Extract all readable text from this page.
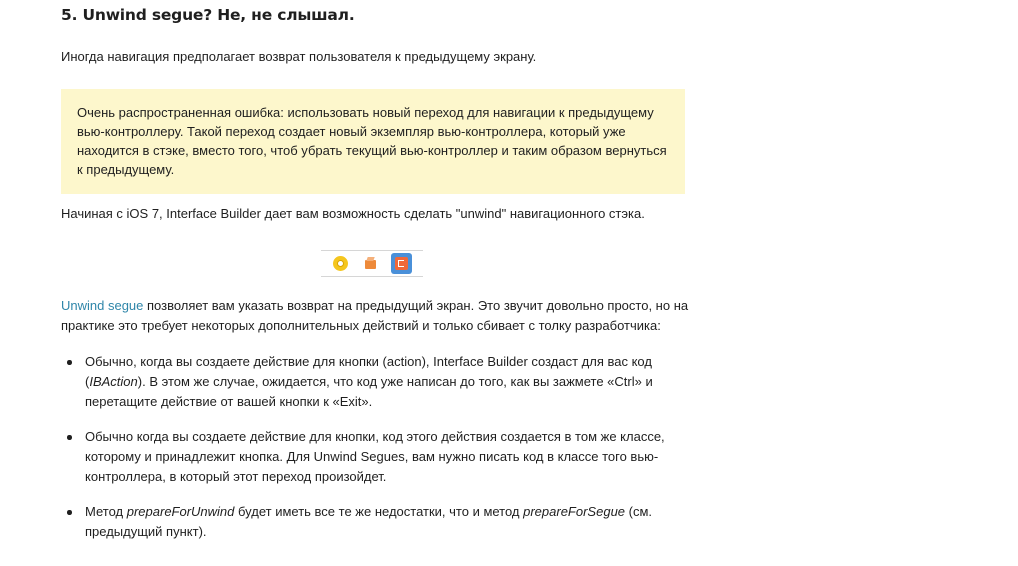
5. Unwind segue? Не, не слышал.

Иногда навигация предполагает возврат пользователя к предыдущему экрану.

Очень распространенная ошибка: использовать новый переход для навигации к предыдущему вью-контроллеру. Такой переход создает новый экземпляр вью-контроллера, который уже находится в стэке, вместо того, чтоб убрать текущий вью-контроллер и таким образом вернуться к предыдущему.

Начиная с iOS 7, Interface Builder дает вам возможность сделать "unwind" навигационного стэка.

Unwind segue позволяет вам указать возврат на предыдущий экран. Это звучит довольно просто, но на практике это требует некоторых дополнительных действий и только сбивает с толку разработчика:

Обычно, когда вы создаете действие для кнопки (action), Interface Builder создаст для вас код (IBAction). В этом же случае, ожидается, что код уже написан до того, как вы зажмете «Ctrl» и перетащите действие от вашей кнопки к «Exit».
Обычно когда вы создаете действие для кнопки, код этого действия создается в том же классе, которому и принадлежит кнопка. Для Unwind Segues, вам нужно писать код в классе того вью-контроллера, в который этот переход произойдет.
Метод prepareForUnwind будет иметь все те же недостатки, что и метод prepareForSegue (см. предыдущий пункт).
